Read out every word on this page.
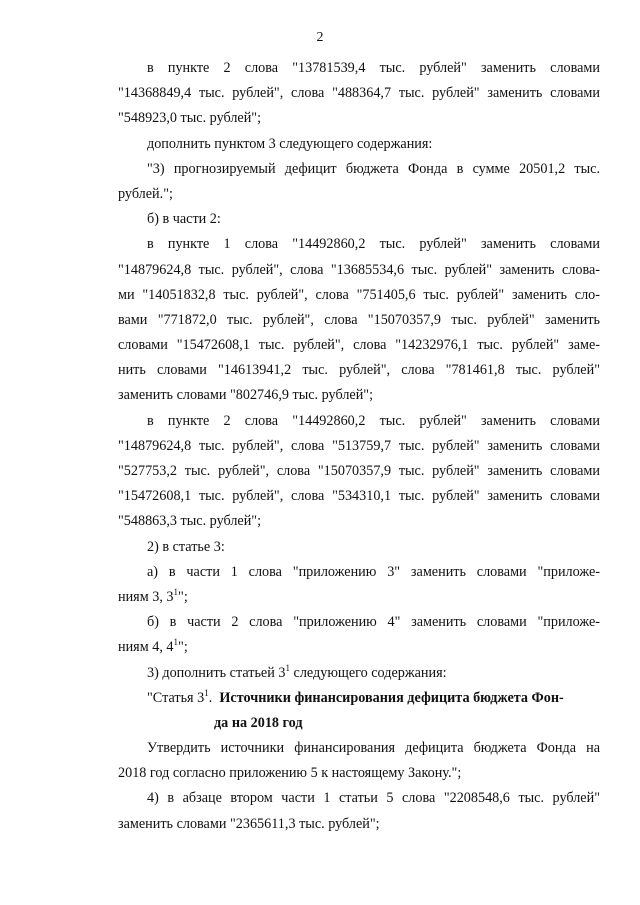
2
в пункте 2 слова "13781539,4 тыс. рублей" заменить словами
"14368849,4 тыс. рублей", слова "488364,7 тыс. рублей" заменить словами
"548923,0 тыс. рублей";
дополнить пунктом 3 следующего содержания:
"3) прогнозируемый дефицит бюджета Фонда в сумме 20501,2 тыс.
рублей.";
б) в части 2:
в пункте 1 слова "14492860,2 тыс. рублей" заменить словами
"14879624,8 тыс. рублей", слова "13685534,6 тыс. рублей" заменить слова-
ми "14051832,8 тыс. рублей", слова "751405,6 тыс. рублей" заменить сло-
вами "771872,0 тыс. рублей", слова "15070357,9 тыс. рублей" заменить
словами "15472608,1 тыс. рублей", слова "14232976,1 тыс. рублей" заме-
нить словами "14613941,2 тыс. рублей", слова "781461,8 тыс. рублей"
заменить словами "802746,9 тыс. рублей";
в пункте 2 слова "14492860,2 тыс. рублей" заменить словами
"14879624,8 тыс. рублей", слова "513759,7 тыс. рублей" заменить словами
"527753,2 тыс. рублей", слова "15070357,9 тыс. рублей" заменить словами
"15472608,1 тыс. рублей", слова "534310,1 тыс. рублей" заменить словами
"548863,3 тыс. рублей";
2) в статье 3:
а) в части 1 слова "приложению 3" заменить словами "приложе-
ниям 3, $3^1$";
б) в части 2 слова "приложению 4" заменить словами "приложе-
ниям 4, $4^1$";
3) дополнить статьей $3^1$ следующего содержания:
"Статья $3^1$. Источники финансирования дефицита бюджета Фон-
да на 2018 год
Утвердить источники финансирования дефицита бюджета Фонда на
2018 год согласно приложению 5 к настоящему Закону.";
4) в абзаце втором части 1 статьи 5 слова "2208548,6 тыс. рублей"
заменить словами "2365611,3 тыс. рублей";
